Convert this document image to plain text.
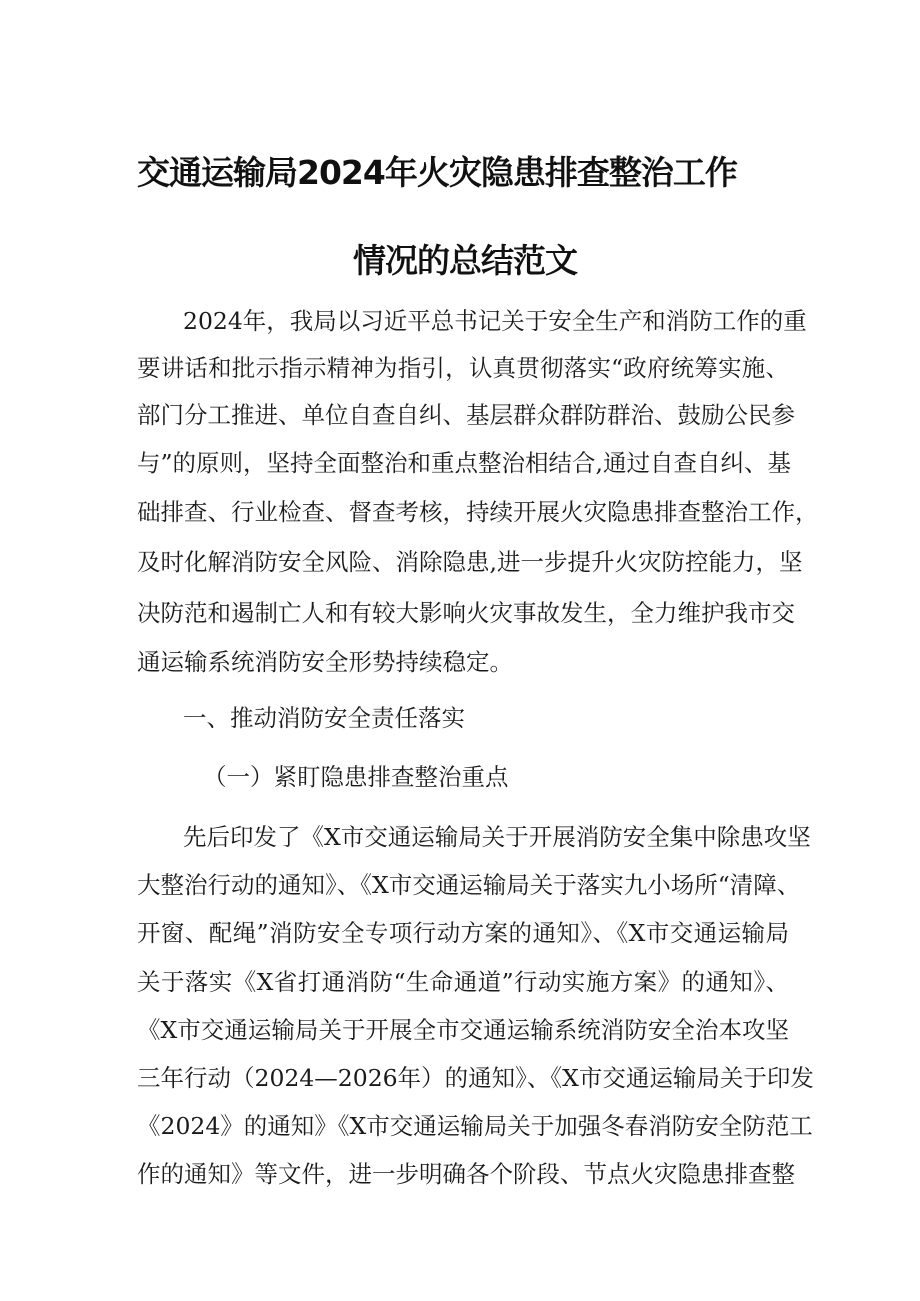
交通运输局2024年火灾隐患排查整治工作
情况的总结范文
2024年，我局以习近平总书记关于安全生产和消防工作的重
要讲话和批示指示精神为指引，认真贯彻落实“政府统筹实施、
部门分工推进、单位自查自纠、基层群众群防群治、鼓励公民参
与”的原则，坚持全面整治和重点整治相结合,通过自查自纠、基
础排查、行业检查、督查考核，持续开展火灾隐患排查整治工作，
及时化解消防安全风险、消除隐患,进一步提升火灾防控能力，坚
决防范和遏制亡人和有较大影响火灾事故发生，全力维护我市交
通运输系统消防安全形势持续稳定。
一、推动消防安全责任落实
（一）紧盯隐患排查整治重点
先后印发了《X市交通运输局关于开展消防安全集中除患攻坚
大整治行动的通知》、《X市交通运输局关于落实九小场所“清障、
开窗、配绳”消防安全专项行动方案的通知》、《X市交通运输局
关于落实《X省打通消防“生命通道”行动实施方案》的通知》、
《X市交通运输局关于开展全市交通运输系统消防安全治本攻坚
三年行动（2024—2026年）的通知》、《X市交通运输局关于印发
《2024》的通知》《X市交通运输局关于加强冬春消防安全防范工
作的通知》等文件，进一步明确各个阶段、节点火灾隐患排查整
